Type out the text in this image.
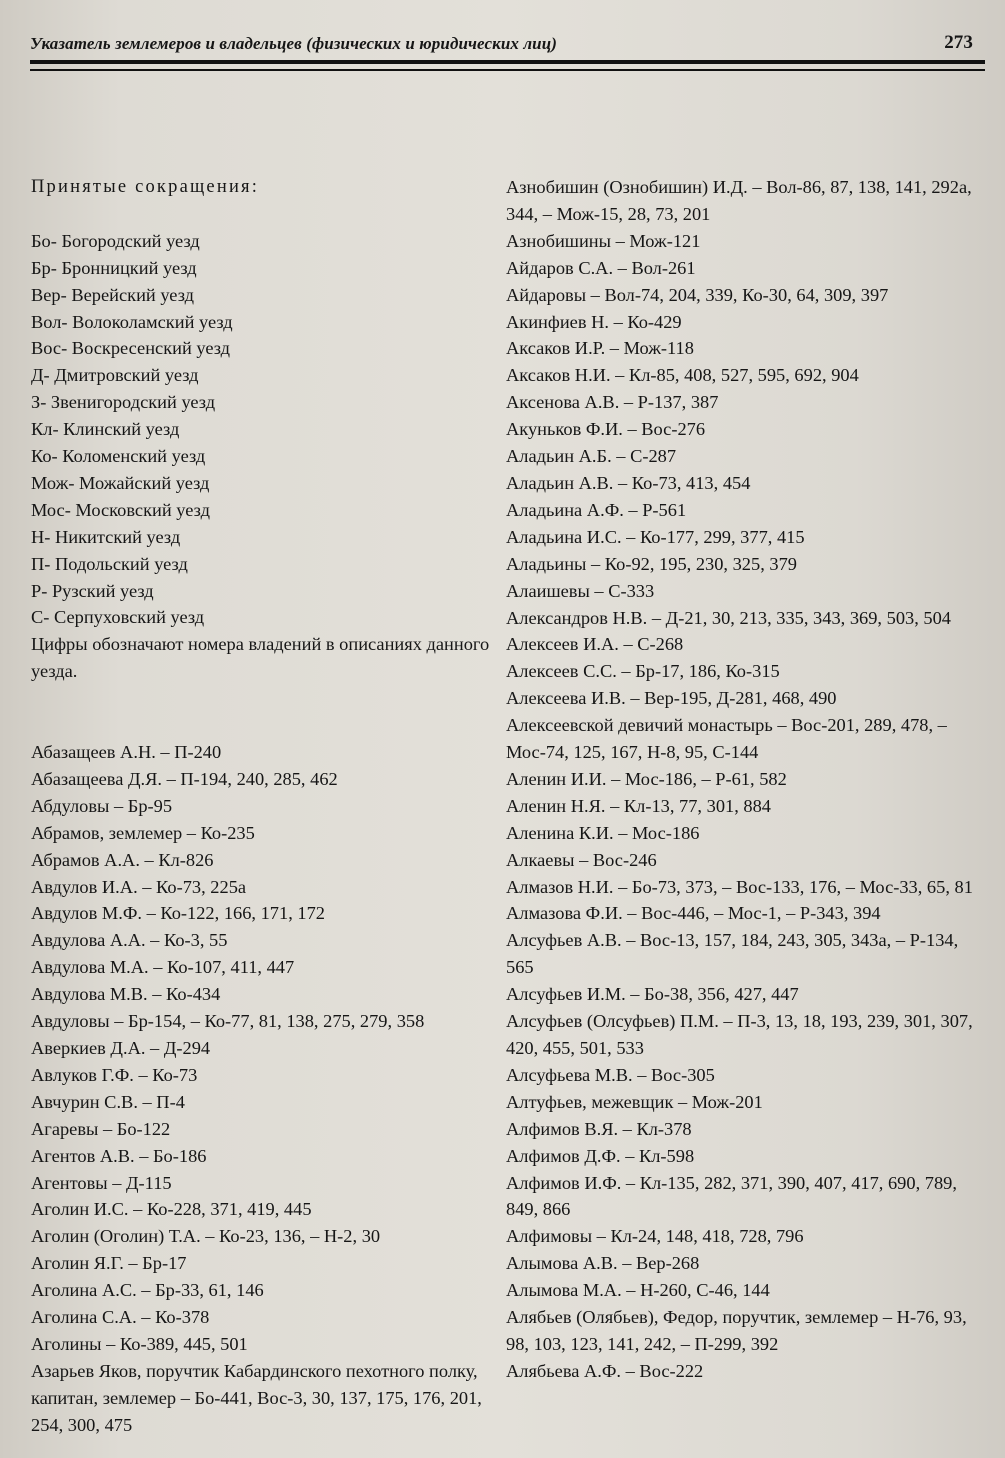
Указатель землемеров и владельцев (физических и юридических лиц)	273
Принятые сокращения:
Бо- Богородский уезд
Бр- Бронницкий уезд
Вер- Верейский уезд
Вол- Волоколамский уезд
Вос- Воскресенский уезд
Д- Дмитровский уезд
З- Звенигородский уезд
Кл- Клинский уезд
Ко- Коломенский уезд
Мож- Можайский уезд
Мос- Московский уезд
Н- Никитский уезд
П- Подольский уезд
Р- Рузский уезд
С- Серпуховский уезд
Цифры обозначают номера владений в описаниях данного уезда.
Абазащеев А.Н. – П-240
Абазащеева Д.Я. – П-194, 240, 285, 462
Абдуловы – Бр-95
Абрамов, землемер – Ко-235
Абрамов А.А. – Кл-826
Авдулов И.А. – Ко-73, 225а
Авдулов М.Ф. – Ко-122, 166, 171, 172
Авдулова А.А. – Ко-3, 55
Авдулова М.А. – Ко-107, 411, 447
Авдулова М.В. – Ко-434
Авдуловы – Бр-154, – Ко-77, 81, 138, 275, 279, 358
Аверкиев Д.А. – Д-294
Авлуков Г.Ф. – Ко-73
Авчурин С.В. – П-4
Агаревы – Бо-122
Агентов А.В. – Бо-186
Агентовы – Д-115
Аголин И.С. – Ко-228, 371, 419, 445
Аголин (Оголин) Т.А. – Ко-23, 136, – Н-2, 30
Аголин Я.Г. – Бр-17
Аголина А.С. – Бр-33, 61, 146
Аголина С.А. – Ко-378
Аголины – Ко-389, 445, 501
Азарьев Яков, поручтик Кабардинского пехотного полку, капитан, землемер – Бо-441, Вос-3, 30, 137, 175, 176, 201, 254, 300, 475
Азнобишин (Ознобишин) И.Д. – Вол-86, 87, 138, 141, 292а, 344, – Мож-15, 28, 73, 201
Азнобишины – Мож-121
Айдаров С.А. – Вол-261
Айдаровы – Вол-74, 204, 339, Ко-30, 64, 309, 397
Акинфиев Н. – Ко-429
Аксаков И.Р. – Мож-118
Аксаков Н.И. – Кл-85, 408, 527, 595, 692, 904
Аксенова А.В. – Р-137, 387
Акуньков Ф.И. – Вос-276
Аладьин А.Б. – С-287
Аладьин А.В. – Ко-73, 413, 454
Аладьина А.Ф. – Р-561
Аладьина И.С. – Ко-177, 299, 377, 415
Аладьины – Ко-92, 195, 230, 325, 379
Алаишевы – С-333
Александров Н.В. – Д-21, 30, 213, 335, 343, 369, 503, 504
Алексеев И.А. – С-268
Алексеев С.С. – Бр-17, 186, Ко-315
Алексеева И.В. – Вер-195, Д-281, 468, 490
Алексеевской девичий монастырь – Вос-201, 289, 478, – Мос-74, 125, 167, Н-8, 95, С-144
Аленин И.И. – Мос-186, – Р-61, 582
Аленин Н.Я. – Кл-13, 77, 301, 884
Аленина К.И. – Мос-186
Алкаевы – Вос-246
Алмазов Н.И. – Бо-73, 373, – Вос-133, 176, – Мос-33, 65, 81
Алмазова Ф.И. – Вос-446, – Мос-1, – Р-343, 394
Алсуфьев А.В. – Вос-13, 157, 184, 243, 305, 343а, – Р-134, 565
Алсуфьев И.М. – Бо-38, 356, 427, 447
Алсуфьев (Олсуфьев) П.М. – П-3, 13, 18, 193, 239, 301, 307, 420, 455, 501, 533
Алсуфьева М.В. – Вос-305
Алтуфьев, межевщик – Мож-201
Алфимов В.Я. – Кл-378
Алфимов Д.Ф. – Кл-598
Алфимов И.Ф. – Кл-135, 282, 371, 390, 407, 417, 690, 789, 849, 866
Алфимовы – Кл-24, 148, 418, 728, 796
Алымова А.В. – Вер-268
Алымова М.А. – Н-260, С-46, 144
Алябьев (Олябьев), Федор, поручтик, землемер – Н-76, 93, 98, 103, 123, 141, 242, – П-299, 392
Алябьева А.Ф. – Вос-222
